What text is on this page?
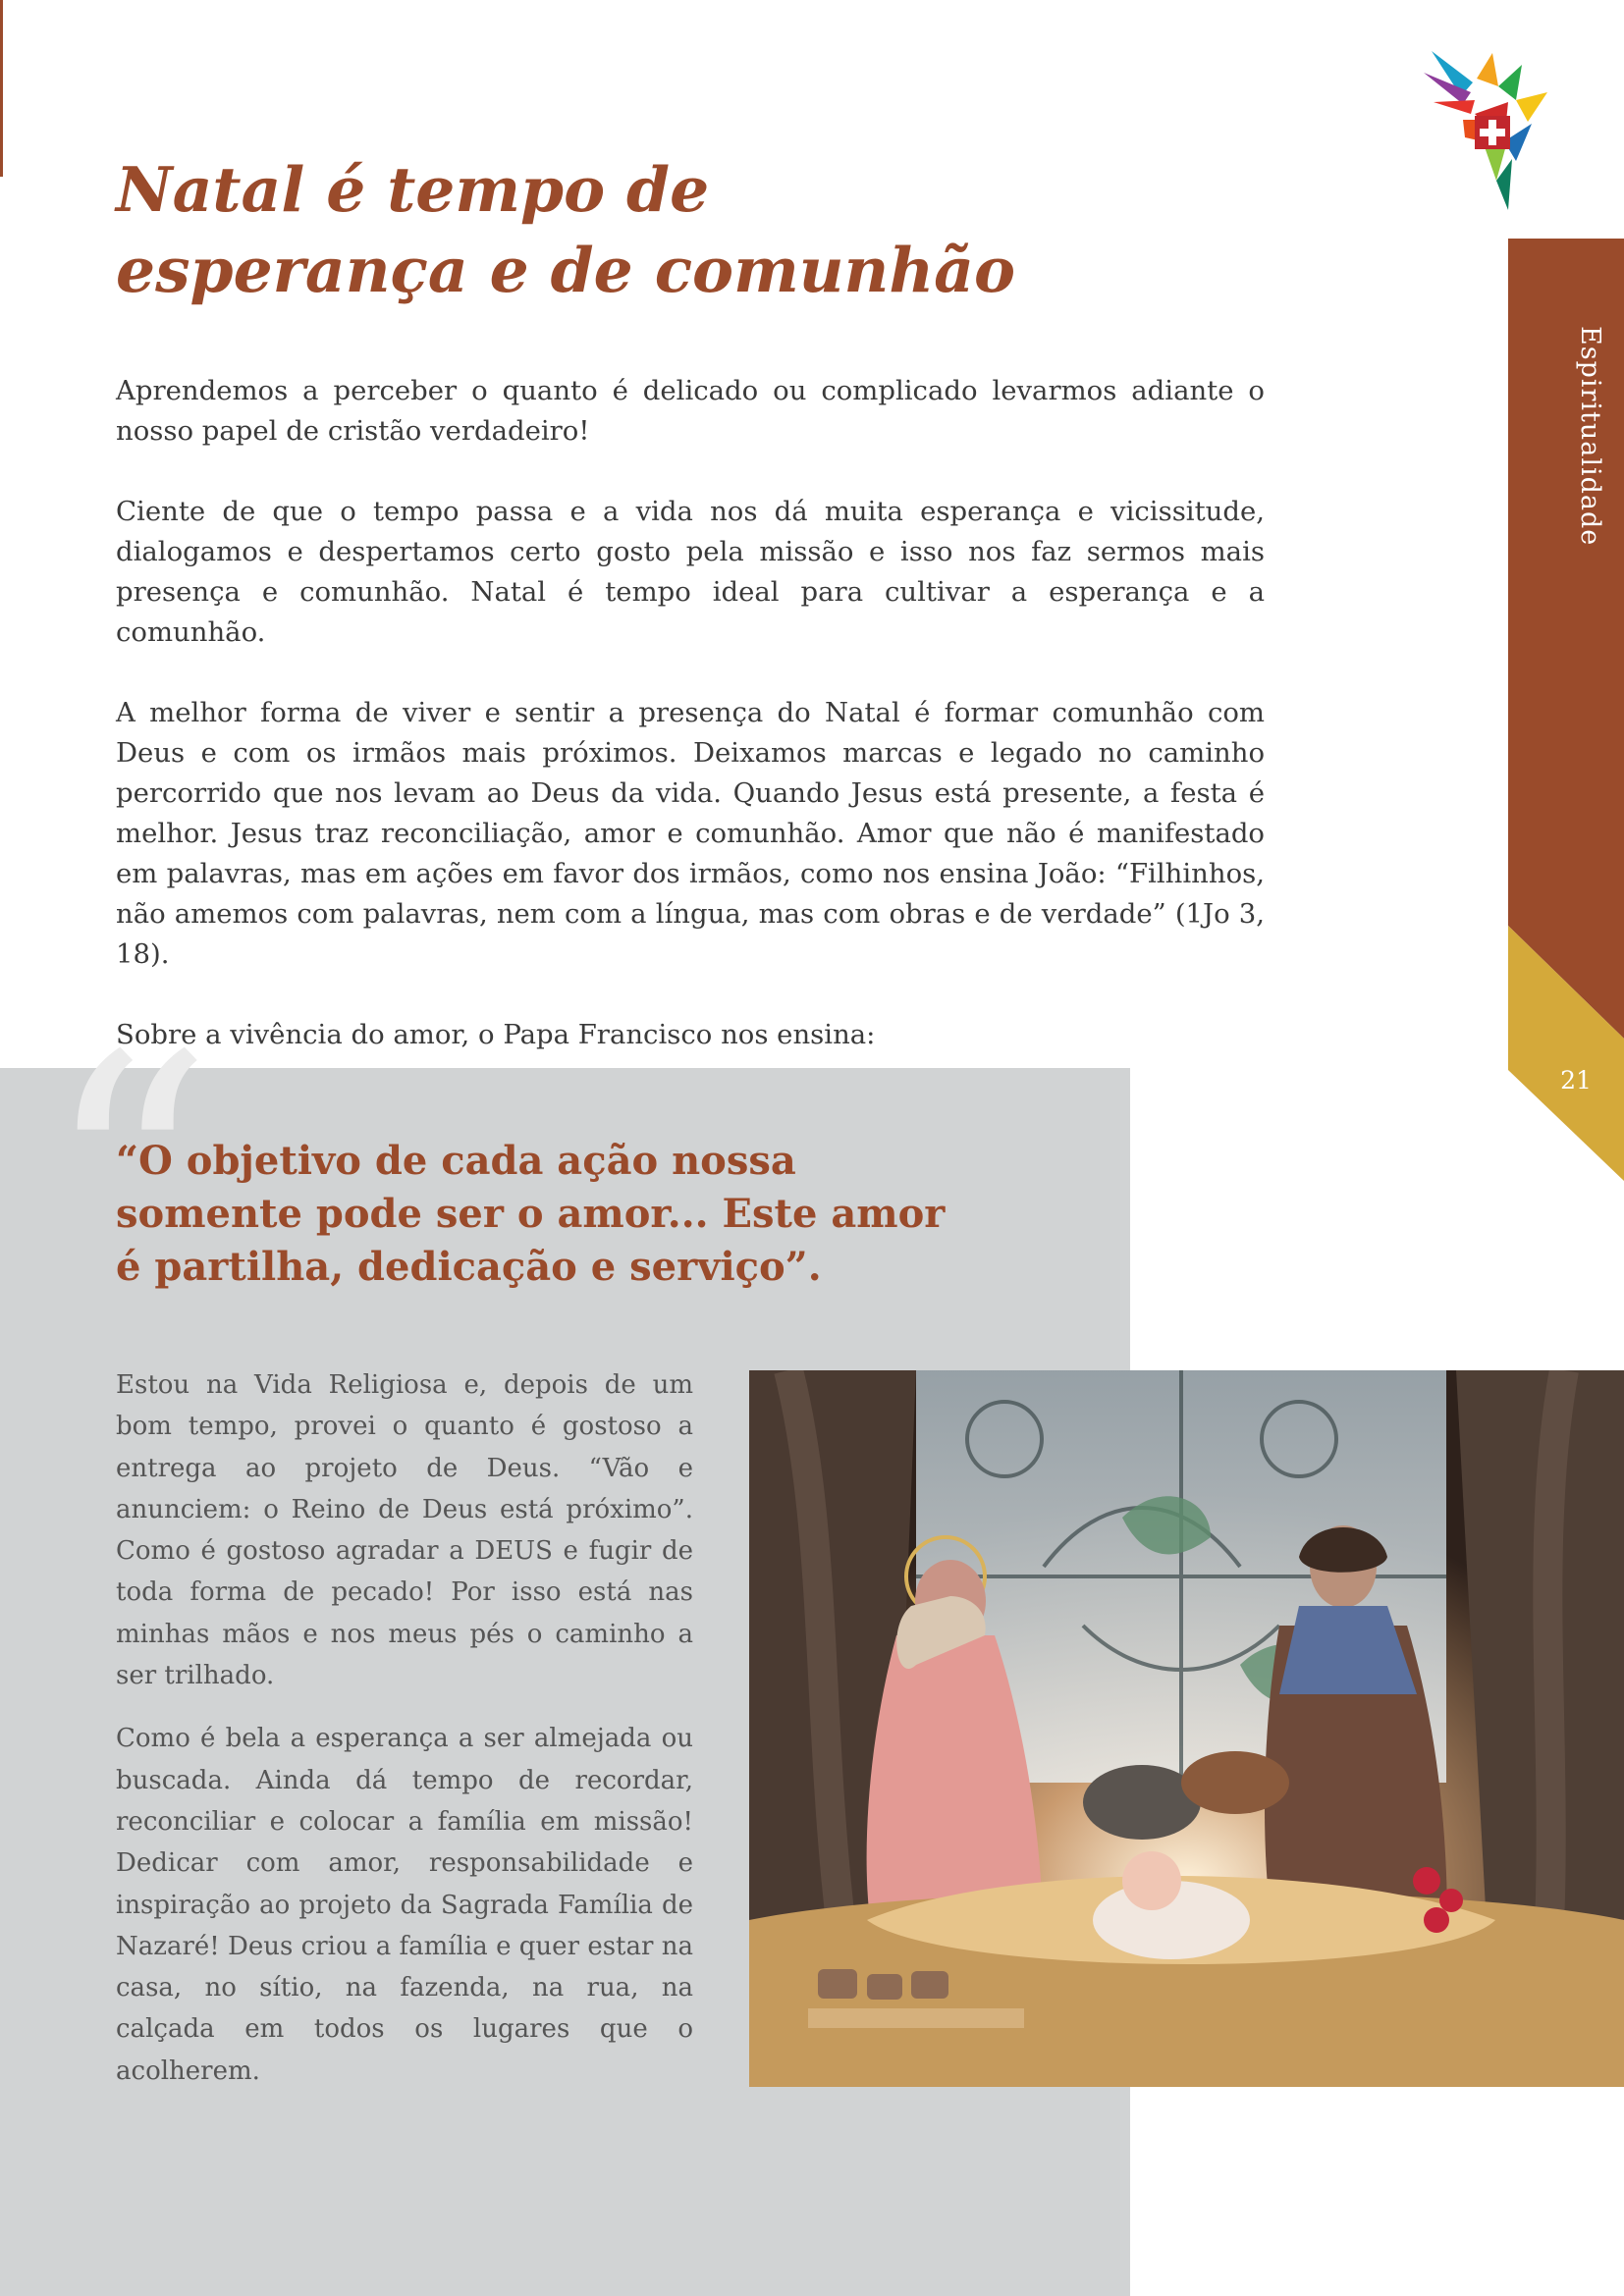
Espiritualidade
21
Natal é tempo de
esperança e de comunhão

Aprendemos a perceber o quanto é delicado ou complicado levarmos adiante o nosso papel de cristão verdadeiro!

Ciente de que o tempo passa e a vida nos dá muita esperança e vicissitude, dialogamos e despertamos certo gosto pela missão e isso nos faz sermos mais presença e comunhão. Natal é tempo ideal para cultivar a esperança e a comunhão.

A melhor forma de viver e sentir a presença do Natal é formar comunhão com Deus e com os irmãos mais próximos. Deixamos marcas e legado no caminho percorrido que nos levam ao Deus da vida. Quando Jesus está presente, a festa é melhor. Jesus traz reconciliação, amor e comunhão. Amor que não é manifestado em palavras, mas em ações em favor dos irmãos, como nos ensina João: “Filhinhos, não amemos com palavras, nem com a língua, mas com obras e de verdade” (1Jo 3, 18).

Sobre a vivência do amor, o Papa Francisco nos ensina:

“

“O objetivo de cada ação nossa somente pode ser o amor... Este amor é partilha, dedicação e serviço”.

Estou na Vida Religiosa e, depois de um bom tempo, provei o quanto é gostoso a entrega ao projeto de Deus. “Vão e anunciem: o Reino de Deus está próximo”. Como é gostoso agradar a DEUS e fugir de toda forma de pecado! Por isso está nas minhas mãos e nos meus pés o caminho a ser trilhado.

Como é bela a esperança a ser almejada ou buscada. Ainda dá tempo de recordar, reconciliar e colocar a família em missão! Dedicar com amor, responsabilidade e inspiração ao projeto da Sagrada Família de Nazaré! Deus criou a família e quer estar na casa, no sítio, na fazenda, na rua, na calçada em todos os lugares que o acolherem.
